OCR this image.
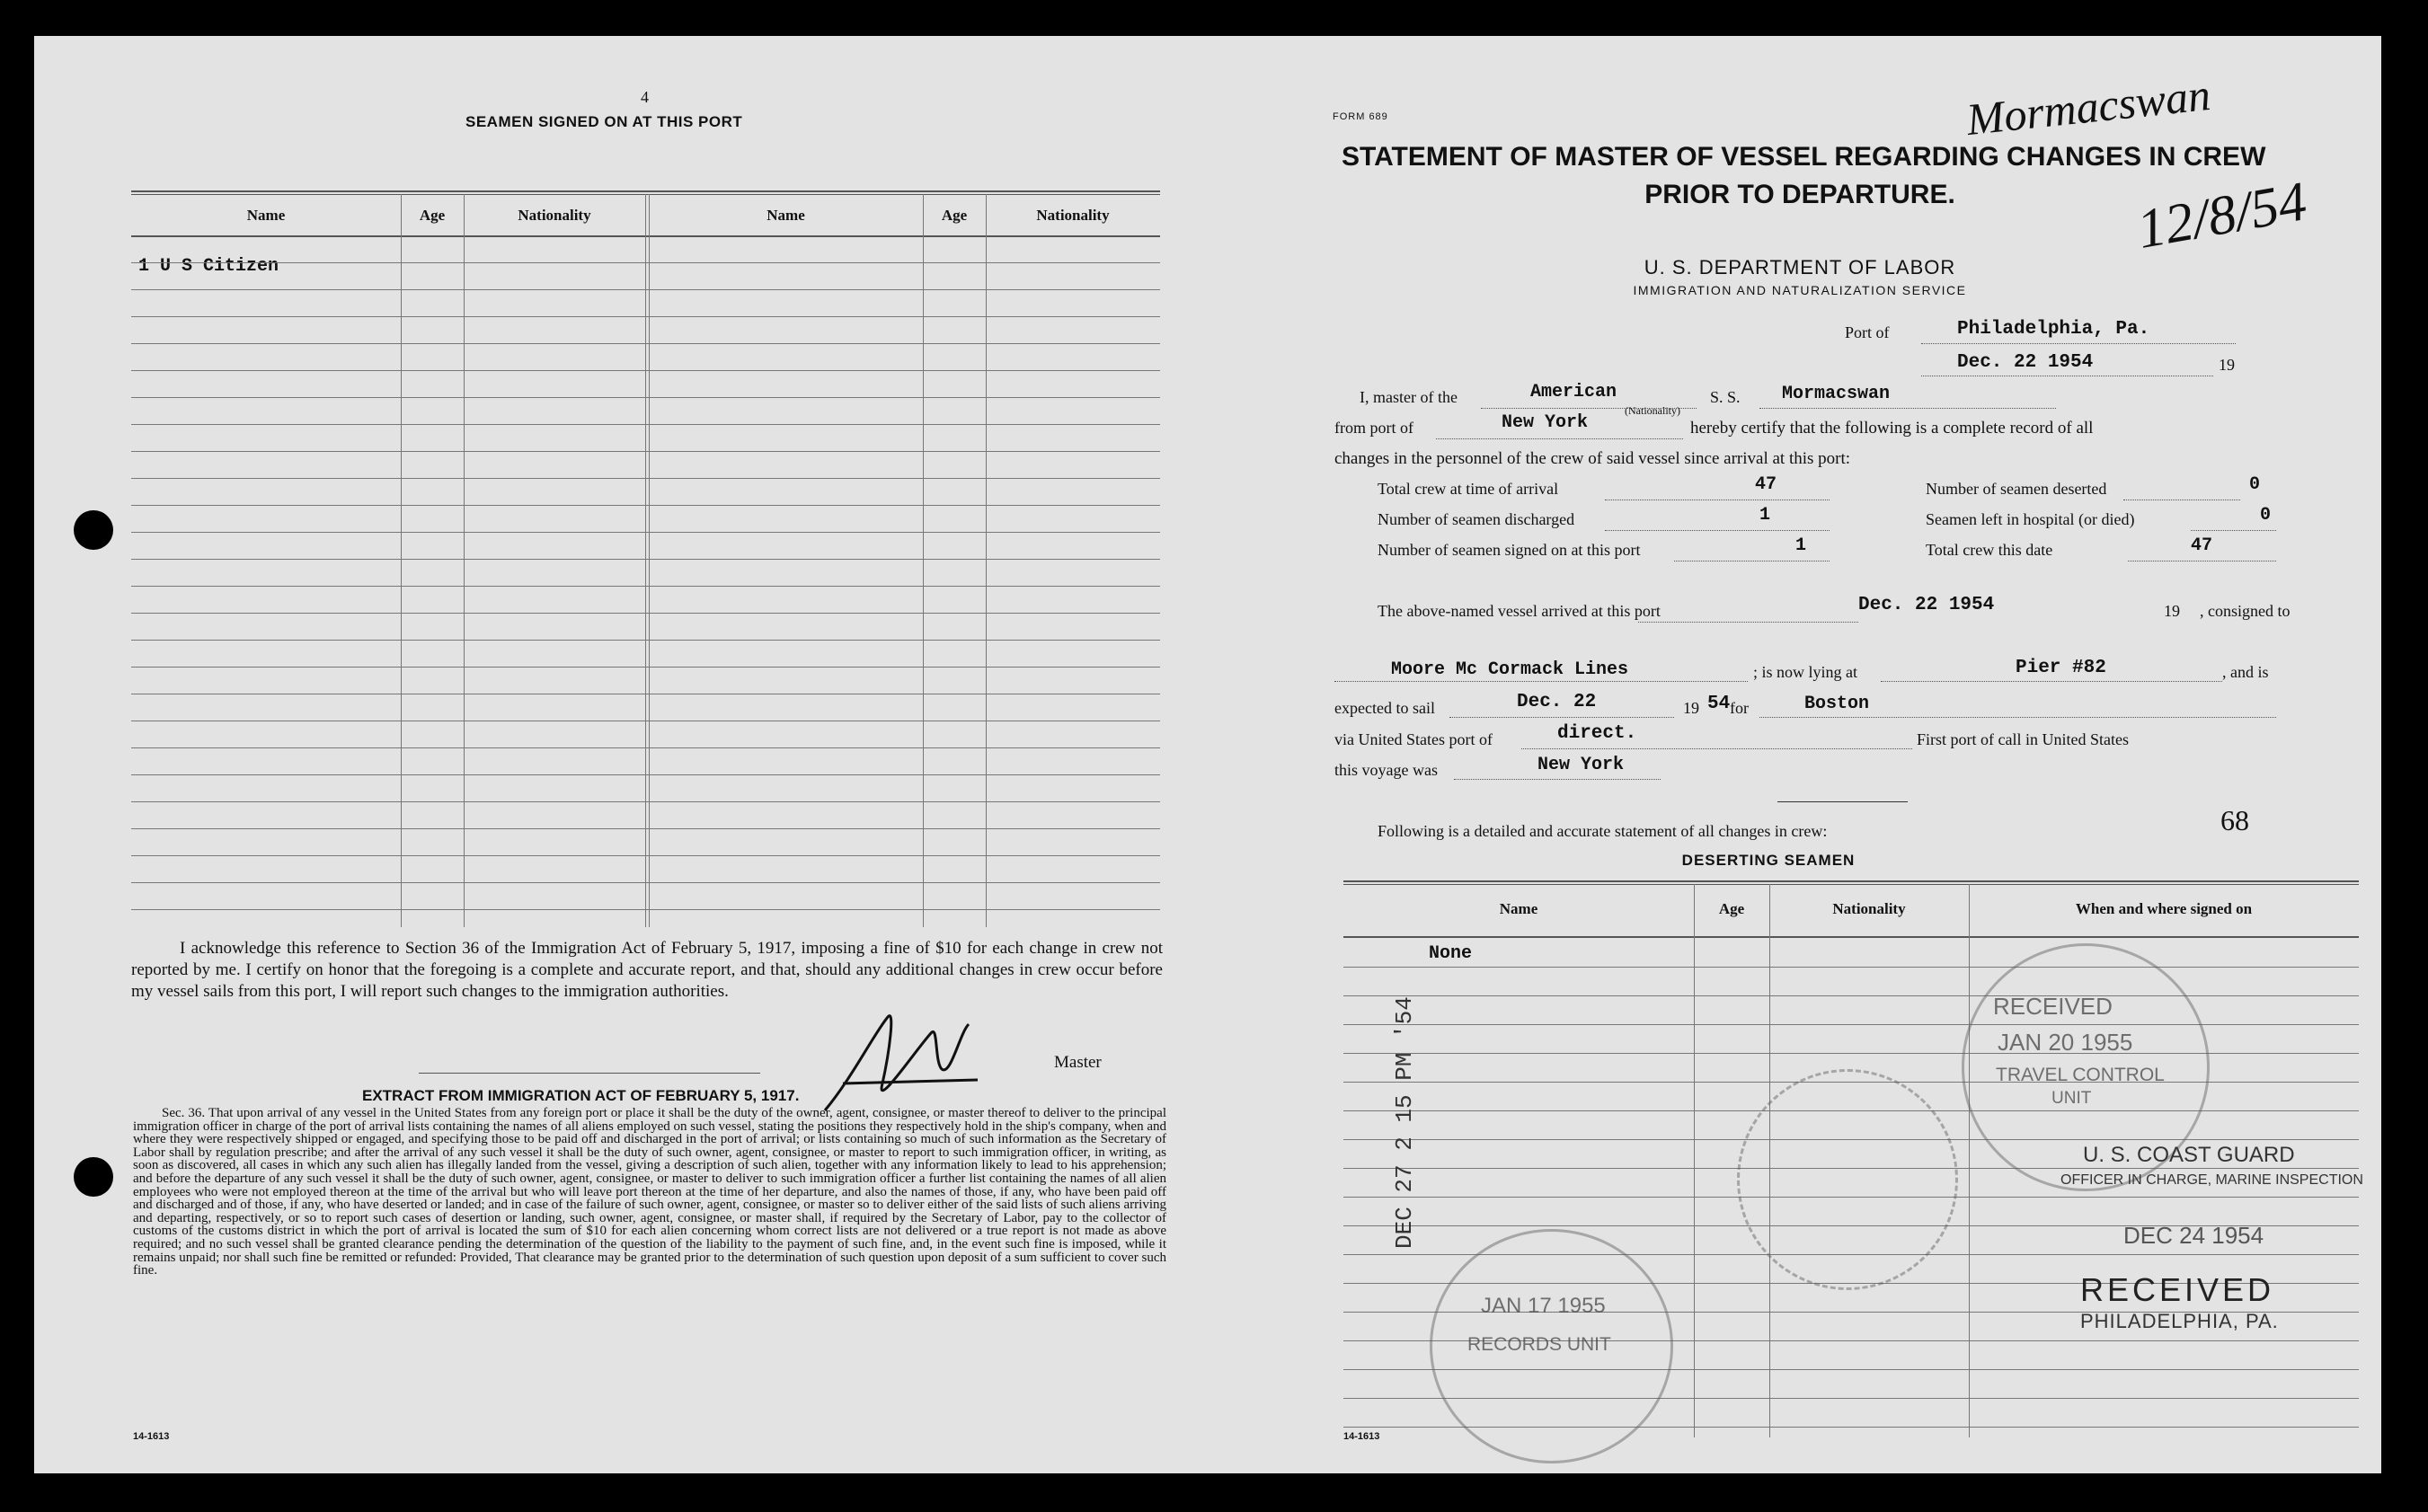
4
SEAMEN SIGNED ON AT THIS PORT
Name	Age	Nationality	Name	Age	Nationality
1 U S Citizen
I acknowledge this reference to Section 36 of the Immigration Act of February 5, 1917, imposing a fine of $10 for each change in crew not reported by me. I certify on honor that the foregoing is a complete and accurate report, and that, should any additional changes in crew occur before my vessel sails from this port, I will report such changes to the immigration authorities.
Master
EXTRACT FROM IMMIGRATION ACT OF FEBRUARY 5, 1917.
Sec. 36. That upon arrival of any vessel in the United States from any foreign port or place it shall be the duty of the owner, agent, consignee, or master thereof to deliver to the principal immigration officer in charge of the port of arrival lists containing the names of all aliens employed on such vessel, stating the positions they respectively hold in the ship's company, when and where they were respectively shipped or engaged, and specifying those to be paid off and discharged in the port of arrival; or lists containing so much of such information as the Secretary of Labor shall by regulation prescribe; and after the arrival of any such vessel it shall be the duty of such owner, agent, consignee, or master to report to such immigration officer, in writing, as soon as discovered, all cases in which any such alien has illegally landed from the vessel, giving a description of such alien, together with any information likely to lead to his apprehension; and before the departure of any such vessel it shall be the duty of such owner, agent, consignee, or master to deliver to such immigration officer a further list containing the names of all alien employees who were not employed thereon at the time of the arrival but who will leave port thereon at the time of her departure, and also the names of those, if any, who have been paid off and discharged and of those, if any, who have deserted or landed; and in case of the failure of such owner, agent, consignee, or master so to deliver either of the said lists of such aliens arriving and departing, respectively, or so to report such cases of desertion or landing, such owner, agent, consignee, or master shall, if required by the Secretary of Labor, pay to the collector of customs of the customs district in which the port of arrival is located the sum of $10 for each alien concerning whom correct lists are not delivered or a true report is not made as above required; and no such vessel shall be granted clearance pending the determination of the question of the liability to the payment of such fine, and, in the event such fine is imposed, while it remains unpaid; nor shall such fine be remitted or refunded: Provided, That clearance may be granted prior to the determination of such question upon deposit of a sum sufficient to cover such fine.
14-1613
FORM 689	Mormacswan
12/8/54
STATEMENT OF MASTER OF VESSEL REGARDING CHANGES IN CREW
PRIOR TO DEPARTURE.
U. S. DEPARTMENT OF LABOR
IMMIGRATION AND NATURALIZATION SERVICE
Port of	Philadelphia, Pa.
Dec. 22 1954	19
I, master of the	American	S. S. Mormacswan
from port of	New York
(Nationality)
hereby certify that the following is a complete record of all
changes in the personnel of the crew of said vessel since arrival at this port:
Total crew at time of arrival	47	Number of seamen deserted	0
Number of seamen discharged	1	Seamen left in hospital (or died)	0
Number of seamen signed on at this port	1	Total crew this date	47
The above-named vessel arrived at this port	Dec. 22 1954	19 , consigned to
Moore Mc Cormack Lines	; is now lying at	Pier #82	, and is
expected to sail	Dec. 22	19 54 for	Boston
via United States port of	direct.	First port of call in United States
this voyage was	New York
Following is a detailed and accurate statement of all changes in crew:	68
DESERTING SEAMEN
Name	Age	Nationality	When and where signed on
None
RECEIVED
JAN 20 1955
TRAVEL CONTROL
UNIT
JAN 17 1955
RECORDS UNIT
DEC 27 2 15 PM '54	U. S. COAST GUARD
OFFICER IN CHARGE, MARINE INSPECTION
DEC 24 1954
RECEIVED
PHILADELPHIA, PA.
14-1613
